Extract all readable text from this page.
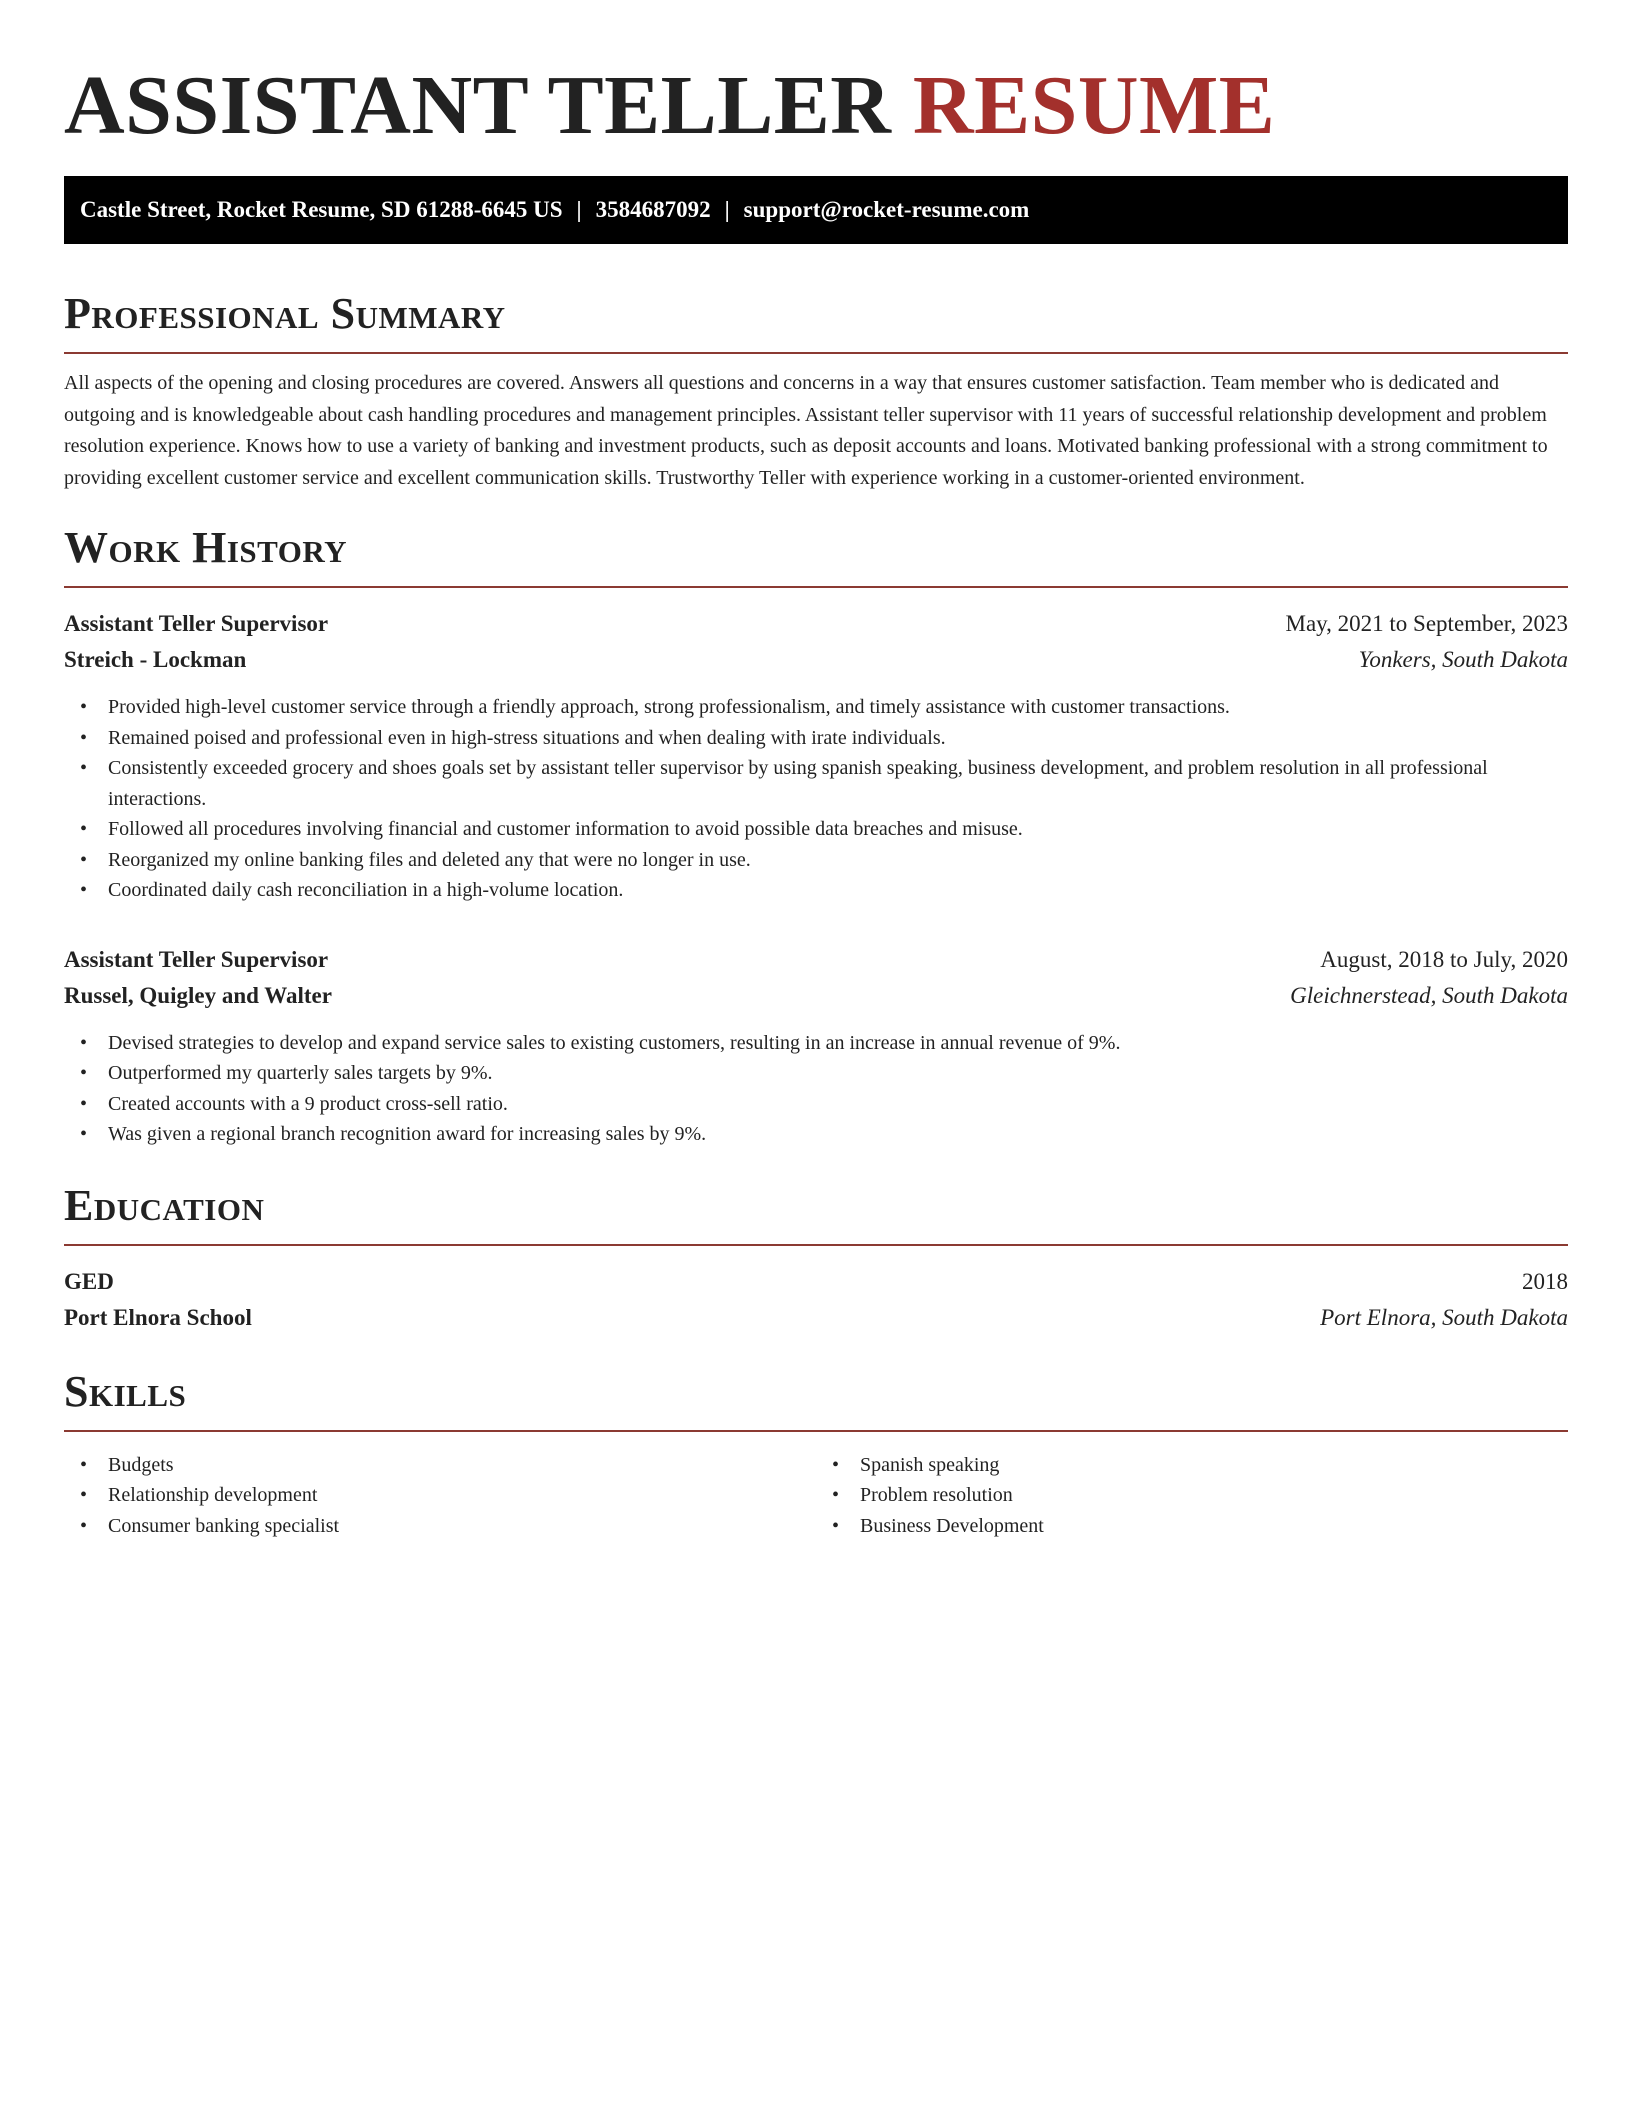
ASSISTANT TELLER RESUME
Castle Street, Rocket Resume, SD 61288-6645 US | 3584687092 | support@rocket-resume.com
Professional Summary

All aspects of the opening and closing procedures are covered. Answers all questions and concerns in a way that ensures customer satisfaction. Team member who is dedicated and outgoing and is knowledgeable about cash handling procedures and management principles. Assistant teller supervisor with 11 years of successful relationship development and problem resolution experience. Knows how to use a variety of banking and investment products, such as deposit accounts and loans. Motivated banking professional with a strong commitment to providing excellent customer service and excellent communication skills. Trustworthy Teller with experience working in a customer-oriented environment.

Work History
Assistant Teller Supervisor	May, 2021 to September, 2023
Streich - Lockman	Yonkers, South Dakota
• Provided high-level customer service through a friendly approach, strong professionalism, and timely assistance with customer transactions.
• Remained poised and professional even in high-stress situations and when dealing with irate individuals.
• Consistently exceeded grocery and shoes goals set by assistant teller supervisor by using spanish speaking, business development, and problem resolution in all professional interactions.
• Followed all procedures involving financial and customer information to avoid possible data breaches and misuse.
• Reorganized my online banking files and deleted any that were no longer in use.
• Coordinated daily cash reconciliation in a high-volume location.
Assistant Teller Supervisor	August, 2018 to July, 2020
Russel, Quigley and Walter	Gleichnerstead, South Dakota
• Devised strategies to develop and expand service sales to existing customers, resulting in an increase in annual revenue of 9%.
• Outperformed my quarterly sales targets by 9%.
• Created accounts with a 9 product cross-sell ratio.
• Was given a regional branch recognition award for increasing sales by 9%.
Education
GED	2018
Port Elnora School	Port Elnora, South Dakota
Skills
• Budgets
• Relationship development
• Consumer banking specialist
• Spanish speaking
• Problem resolution
• Business Development
